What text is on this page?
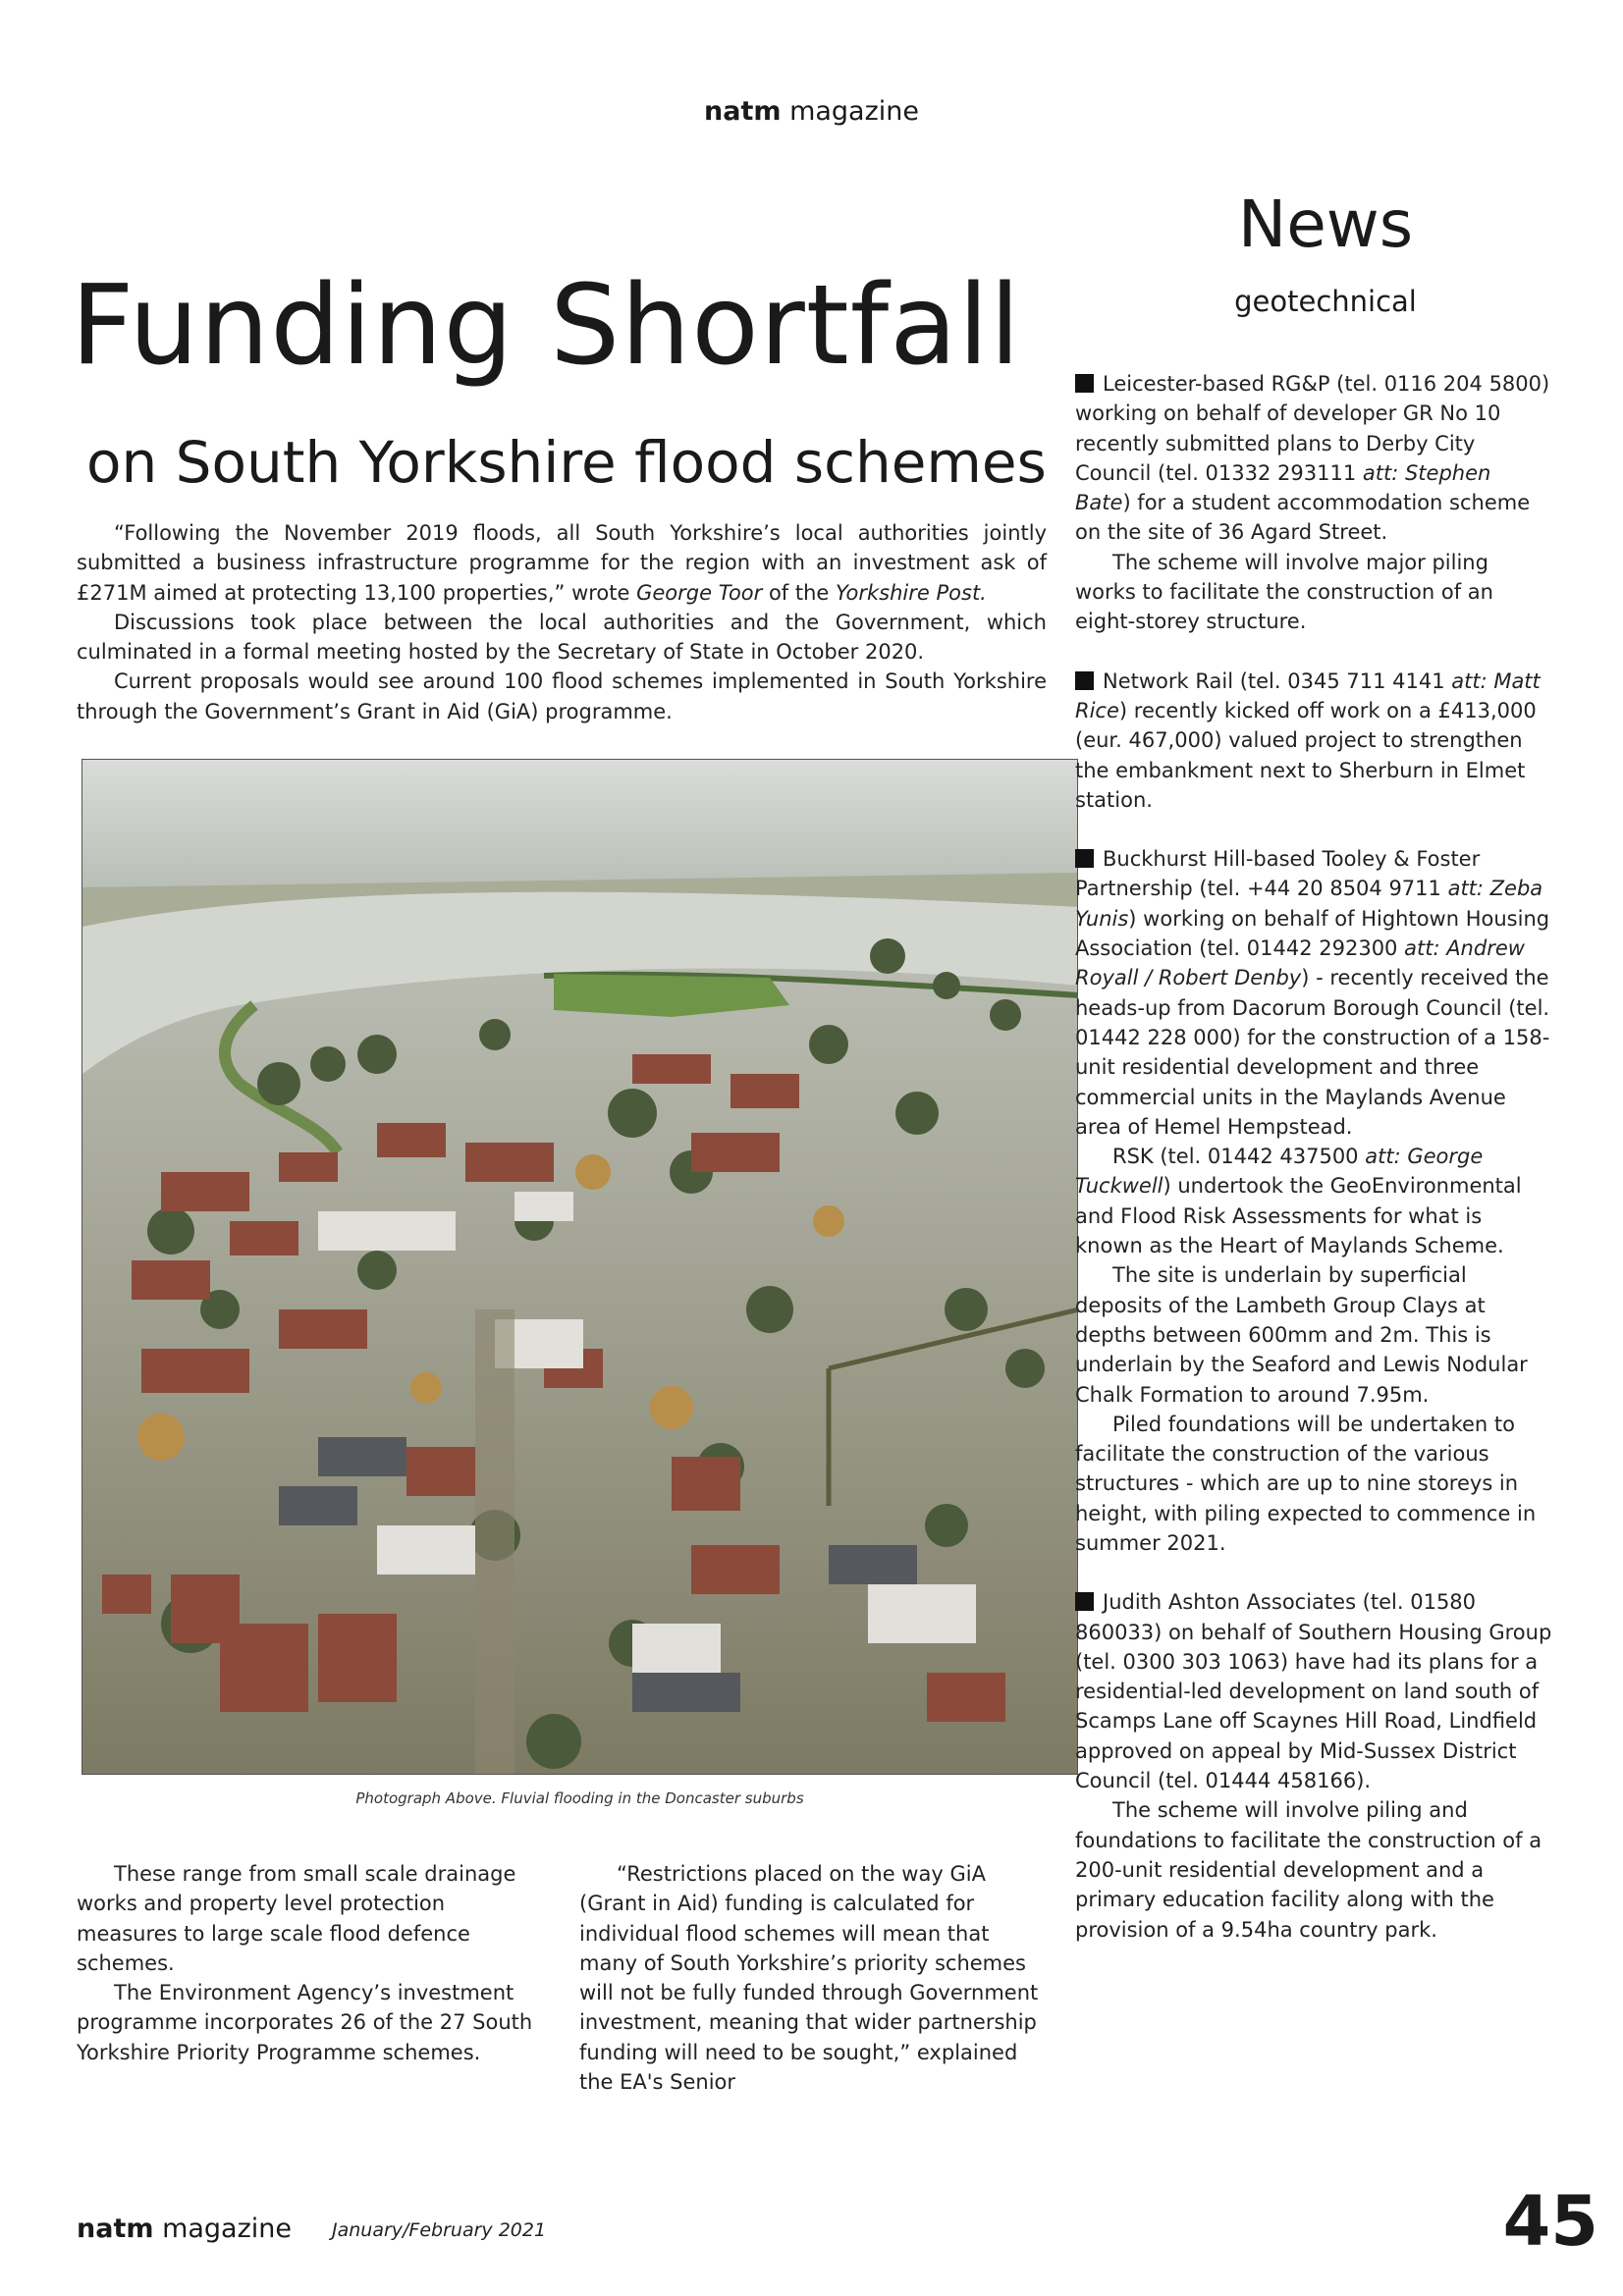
natm magazine
News
geotechnical
Funding Shortfall
on South Yorkshire flood schemes

“Following the November 2019 floods, all South Yorkshire’s local authorities jointly submitted a business infrastructure programme for the region with an investment ask of £271M aimed at protecting 13,100 properties,” wrote George Toor of the Yorkshire Post.

Discussions took place between the local authorities and the Government, which culminated in a formal meeting hosted by the Secretary of State in October 2020.

Current proposals would see around 100 flood schemes implemented in South Yorkshire through the Government’s Grant in Aid (GiA) programme.

Photograph Above. Fluvial flooding in the Doncaster suburbs

These range from small scale drainage works and property level protection measures to large scale flood defence schemes.

The Environment Agency’s investment programme incorporates 26 of the 27 South Yorkshire Priority Programme schemes.

“Restrictions placed on the way GiA (Grant in Aid) funding is calculated for individual flood schemes will mean that many of South Yorkshire’s priority schemes will not be fully funded through Government investment, meaning that wider partnership funding will need to be sought,” explained the EA's Senior

Leicester-based RG&P (tel. 0116 204 5800) working on behalf of developer GR No 10 recently submitted plans to Derby City Council (tel. 01332 293111 att: Stephen Bate) for a student accommodation scheme on the site of 36 Agard Street.

The scheme will involve major piling works to facilitate the construction of an eight-storey structure.

Network Rail (tel. 0345 711 4141 att: Matt Rice) recently kicked off work on a £413,000 (eur. 467,000) valued project to strengthen the embankment next to Sherburn in Elmet station.

Buckhurst Hill-based Tooley & Foster Partnership (tel. +44 20 8504 9711 att: Zeba Yunis) working on behalf of Hightown Housing Association (tel. 01442 292300 att: Andrew Royall / Robert Denby) - recently received the heads-up from Dacorum Borough Council (tel. 01442 228 000) for the construction of a 158-unit residential development and three commercial units in the Maylands Avenue area of Hemel Hempstead.

RSK (tel. 01442 437500 att: George Tuckwell) undertook the GeoEnvironmental and Flood Risk Assessments for what is known as the Heart of Maylands Scheme.

The site is underlain by superficial deposits of the Lambeth Group Clays at depths between 600mm and 2m. This is underlain by the Seaford and Lewis Nodular Chalk Formation to around 7.95m.

Piled foundations will be undertaken to facilitate the construction of the various structures - which are up to nine storeys in height, with piling expected to commence in summer 2021.

Judith Ashton Associates (tel. 01580 860033) on behalf of Southern Housing Group (tel. 0300 303 1063) have had its plans for a residential-led development on land south of Scamps Lane off Scaynes Hill Road, Lindfield approved on appeal by Mid-Sussex District Council (tel. 01444 458166).

The scheme will involve piling and foundations to facilitate the construction of a 200-unit residential development and a primary education facility along with the provision of a 9.54ha country park.

natm magazine January/February 2021	45
